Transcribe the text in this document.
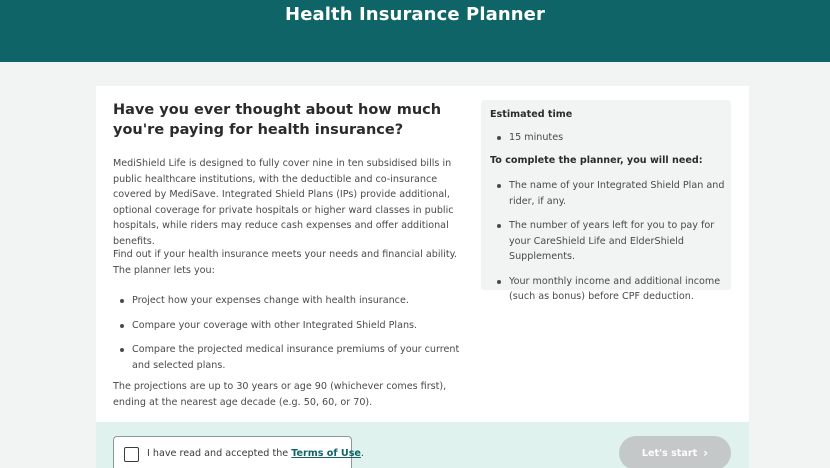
Health Insurance Planner
Have you ever thought about how much you're paying for health insurance?

MediShield Life is designed to fully cover nine in ten subsidised bills in public healthcare institutions, with the deductible and co-insurance covered by MediSave. Integrated Shield Plans (IPs) provide additional, optional coverage for private hospitals or higher ward classes in public hospitals, while riders may reduce cash expenses and offer additional benefits.

Find out if your health insurance meets your needs and financial ability. The planner lets you:

Project how your expenses change with health insurance.
Compare your coverage with other Integrated Shield Plans.
Compare the projected medical insurance premiums of your current and selected plans.

The projections are up to 30 years or age 90 (whichever comes first), ending at the nearest age decade (e.g. 50, 60, or 70).

Estimated time
15 minutes
To complete the planner, you will need:
The name of your Integrated Shield Plan and rider, if any.
The number of years left for you to pay for your CareShield Life and ElderShield Supplements.
Your monthly income and additional income (such as bonus) before CPF deduction.
I have read and accepted the Terms of Use.	Let's start ›
